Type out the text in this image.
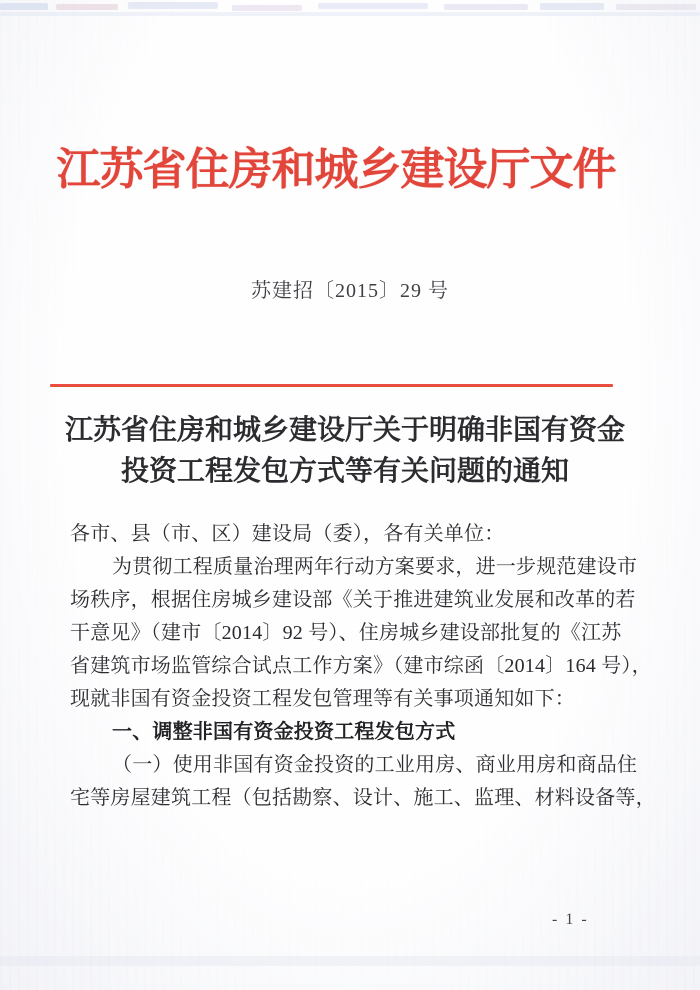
江苏省住房和城乡建设厅文件
苏建招〔2015〕29 号
江苏省住房和城乡建设厅关于明确非国有资金
投资工程发包方式等有关问题的通知
各市、县（市、区）建设局（委），各有关单位：
为贯彻工程质量治理两年行动方案要求，进一步规范建设市
场秩序，根据住房城乡建设部《关于推进建筑业发展和改革的若
干意见》（建市〔2014〕92 号）、住房城乡建设部批复的《江苏
省建筑市场监管综合试点工作方案》（建市综函〔2014〕164 号），
现就非国有资金投资工程发包管理等有关事项通知如下：
一、调整非国有资金投资工程发包方式
（一）使用非国有资金投资的工业用房、商业用房和商品住
宅等房屋建筑工程（包括勘察、设计、施工、监理、材料设备等，
- 1 -
